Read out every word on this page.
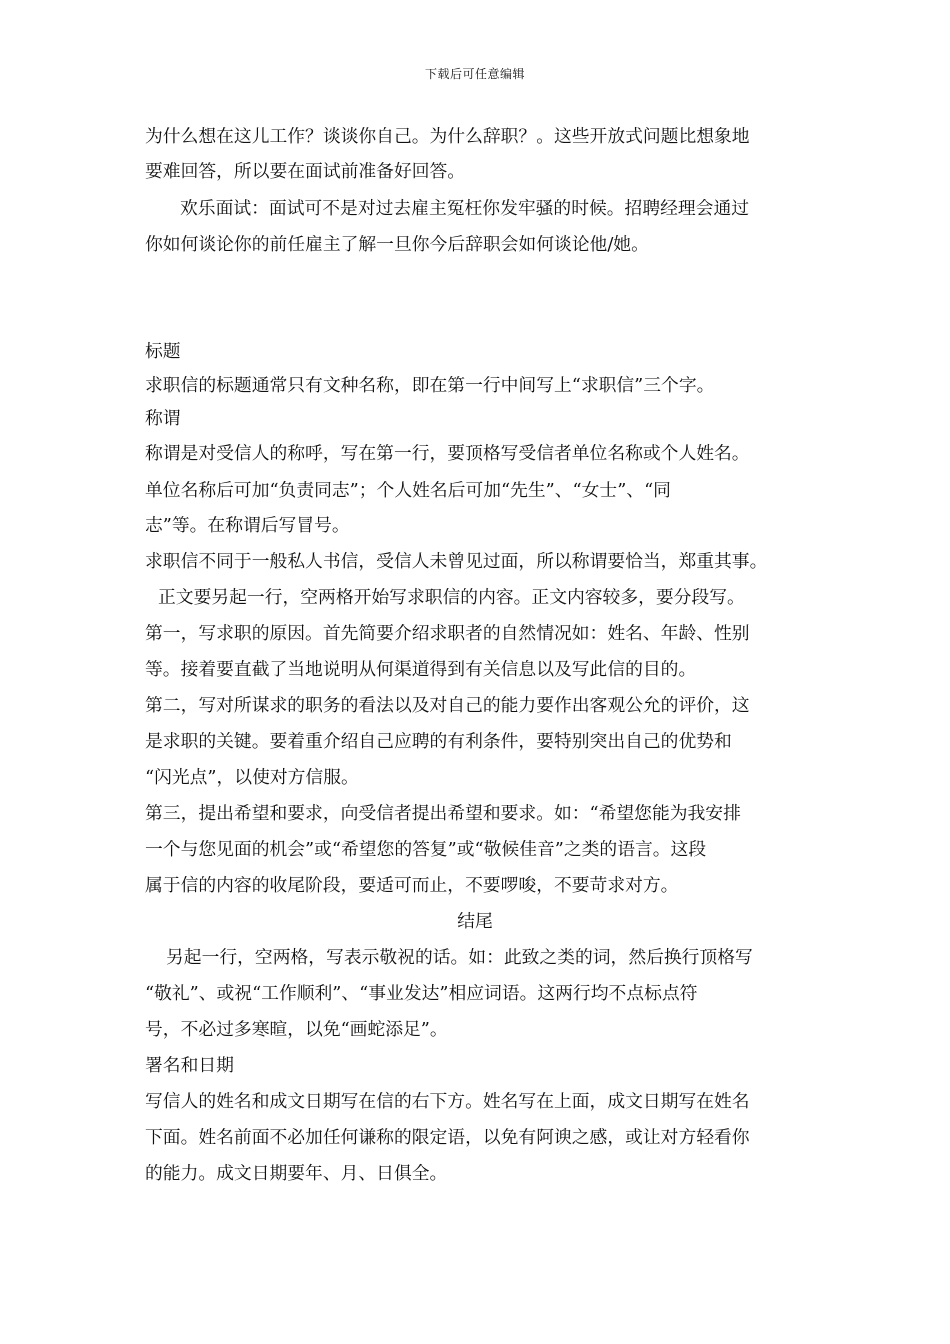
下载后可任意编辑
为什么想在这儿工作？谈谈你自己。为什么辞职？。这些开放式问题比想象地
要难回答，所以要在面试前准备好回答。
欢乐面试：面试可不是对过去雇主冤枉你发牢骚的时候。招聘经理会通过
你如何谈论你的前任雇主了解一旦你今后辞职会如何谈论他/她。
标题
求职信的标题通常只有文种名称，即在第一行中间写上“求职信”三个字。
称谓
称谓是对受信人的称呼，写在第一行，要顶格写受信者单位名称或个人姓名。
单位名称后可加“负责同志”；个人姓名后可加“先生”、“女士”、“同
志”等。在称谓后写冒号。
求职信不同于一般私人书信，受信人未曾见过面，所以称谓要恰当，郑重其事。
正文要另起一行，空两格开始写求职信的内容。正文内容较多，要分段写。
第一，写求职的原因。首先简要介绍求职者的自然情况如：姓名、年龄、性别
等。接着要直截了当地说明从何渠道得到有关信息以及写此信的目的。
第二，写对所谋求的职务的看法以及对自己的能力要作出客观公允的评价，这
是求职的关键。要着重介绍自己应聘的有利条件，要特别突出自己的优势和
“闪光点”，以使对方信服。
第三，提出希望和要求，向受信者提出希望和要求。如：“希望您能为我安排
一个与您见面的机会”或“希望您的答复”或“敬候佳音”之类的语言。这段
属于信的内容的收尾阶段，要适可而止，不要啰唆，不要苛求对方。
结尾
另起一行，空两格，写表示敬祝的话。如：此致之类的词，然后换行顶格写
“敬礼”、或祝“工作顺利”、“事业发达”相应词语。这两行均不点标点符
号，不必过多寒暄，以免“画蛇添足”。
署名和日期
写信人的姓名和成文日期写在信的右下方。姓名写在上面，成文日期写在姓名
下面。姓名前面不必加任何谦称的限定语，以免有阿谀之感，或让对方轻看你
的能力。成文日期要年、月、日俱全。
